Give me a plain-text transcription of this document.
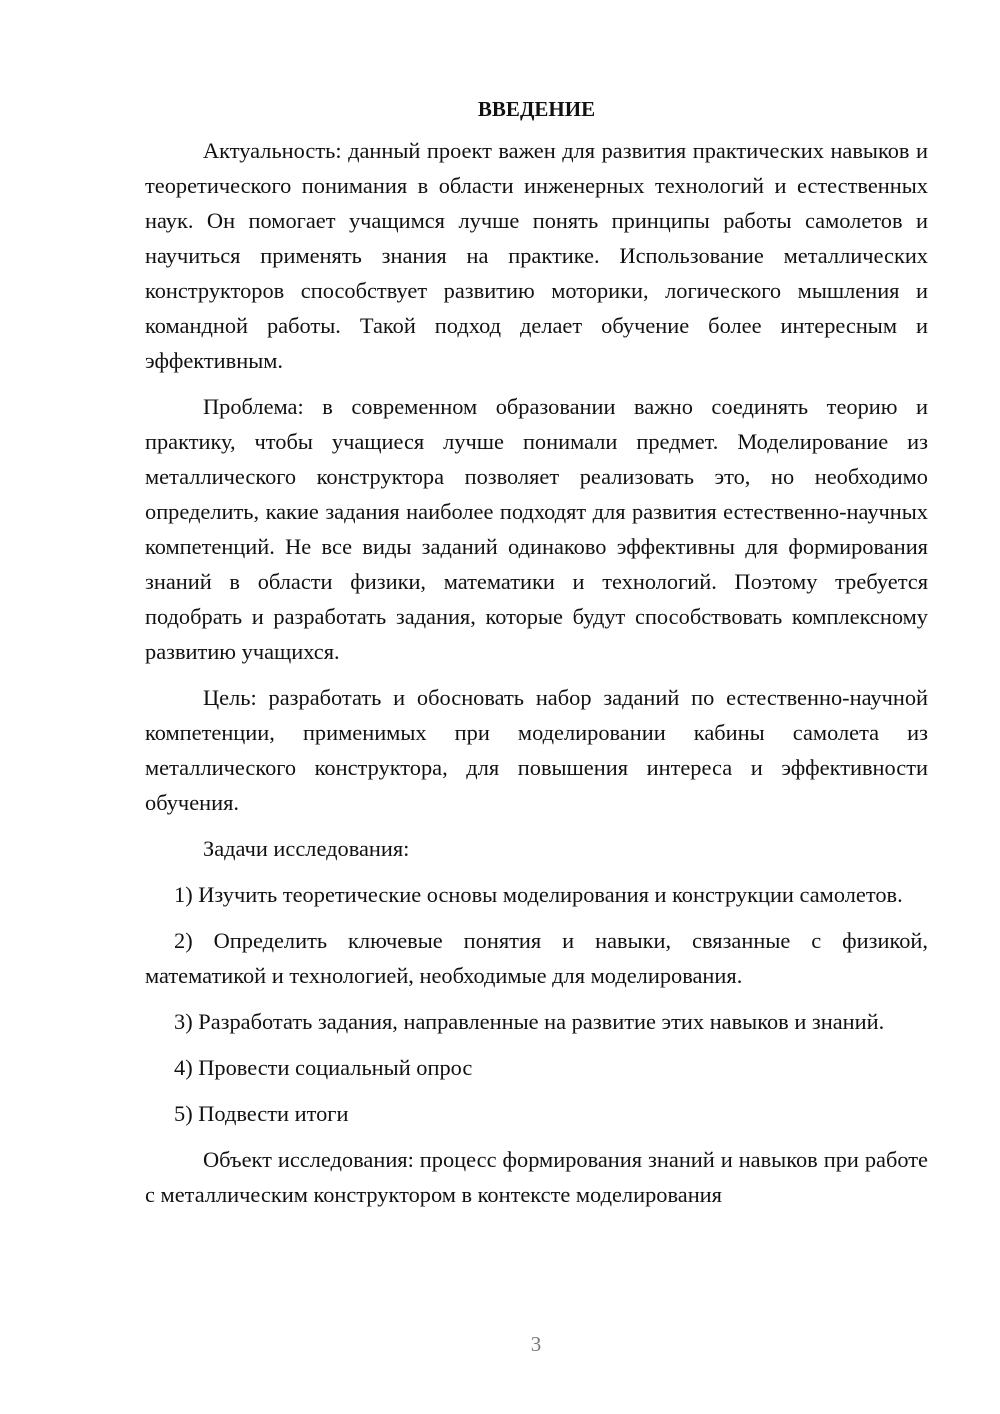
ВВЕДЕНИЕ

Актуальность: данный проект важен для развития практических навыков и теоретического понимания в области инженерных технологий и естественных наук. Он помогает учащимся лучше понять принципы работы самолетов и научиться применять знания на практике. Использование металлических конструкторов способствует развитию моторики, логического мышления и командной работы. Такой подход делает обучение более интересным и эффективным.

Проблема: в современном образовании важно соединять теорию и практику, чтобы учащиеся лучше понимали предмет. Моделирование из металлического конструктора позволяет реализовать это, но необходимо определить, какие задания наиболее подходят для развития естественно-научных компетенций. Не все виды заданий одинаково эффективны для формирования знаний в области физики, математики и технологий. Поэтому требуется подобрать и разработать задания, которые будут способствовать комплексному развитию учащихся.

Цель: разработать и обосновать набор заданий по естественно-научной компетенции, применимых при моделировании кабины самолета из металлического конструктора, для повышения интереса и эффективности обучения.

Задачи исследования:

1) Изучить теоретические основы моделирования и конструкции самолетов.

2) Определить ключевые понятия и навыки, связанные с физикой, математикой и технологией, необходимые для моделирования.

3) Разработать задания, направленные на развитие этих навыков и знаний.

4) Провести социальный опрос

5) Подвести итоги

Объект исследования: процесс формирования знаний и навыков при работе с металлическим конструктором в контексте моделирования

3
